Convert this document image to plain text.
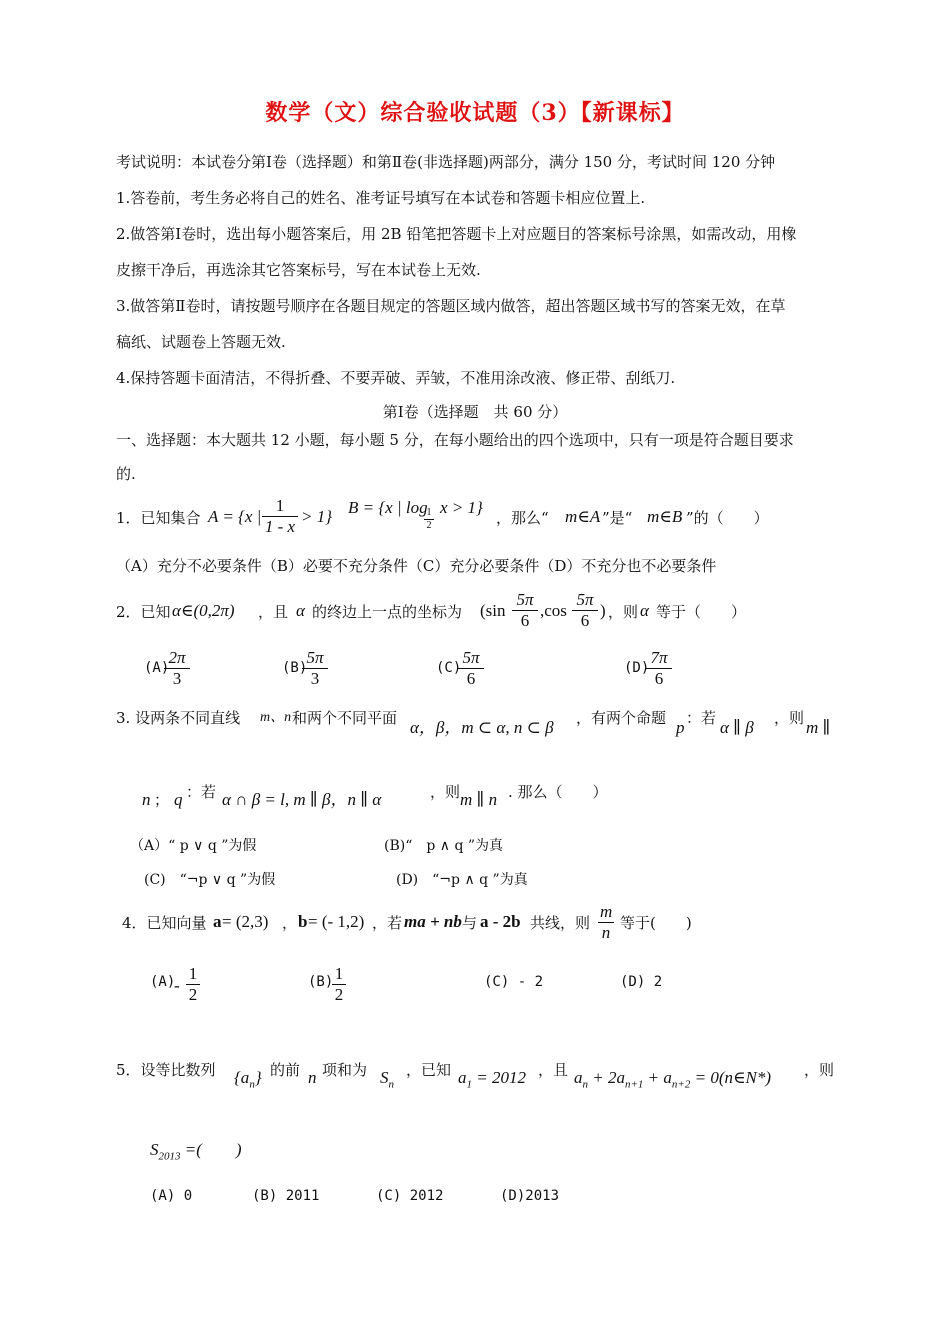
数学（文）综合验收试题（3）【新课标】
考试说明：本试卷分第Ⅰ卷（选择题）和第Ⅱ卷(非选择题)两部分，满分 150 分，考试时间 120 分钟
1.答卷前，考生务必将自己的姓名、准考证号填写在本试卷和答题卡相应位置上.
2.做答第Ⅰ卷时，选出每小题答案后，用 2B 铅笔把答题卡上对应题目的答案标号涂黑，如需改动，用橡
皮擦干净后，再选涂其它答案标号，写在本试卷上无效.
3.做答第Ⅱ卷时，请按题号顺序在各题目规定的答题区域内做答，超出答题区域书写的答案无效，在草
稿纸、试题卷上答题无效.
4.保持答题卡面清洁，不得折叠、不要弄破、弄皱，不准用涂改液、修正带、刮纸刀.
第Ⅰ卷（选择题　共 60 分）
一、选择题：本大题共 12 小题，每小题 5 分，在每小题给出的四个选项中，只有一项是符合题目要求
的.
1．已知集合 A = {x | $\frac{1}{1 - x} > 1$} B = {x | log
$\frac{1}{2}$ x > 1}
，那么“ m∈A ”是“ m∈B ”的（　　）
（A）充分不必要条件（B）必要不充分条件（C）充分必要条件（D）不充分也不必要条件
2．已知 α∈(0,2π) ，且 α 的终边上一点的坐标为 ($\sin \frac{5\pi}{6} ,\cos \frac{5\pi}{6}$ ) ，则 α 等于（　　）
(A)
$\frac{2\pi}{3}$	(B)
$\frac{5\pi}{3}$	(C)
$\frac{5\pi}{6}$	(D)
$\frac{7\pi}{6}$
3. 设两条不同直线 m、n 和两个不同平面 α，β，m ⊂ α, n ⊂ β ，有两个命题 p ：若 α ∥ β ，则 m ∥
n ； q ：若 α ∩ β = l, m ∥ β，n ∥ α	，则 m ∥ n . 那么（　　）
（A）“ p ∨ q ”为假	(B)“　p ∧ q ”为真
(C)　“¬p ∨ q ”为假	(D)　“¬p ∧ q ”为真
4．已知向量 a = (2,3) ， b = (- 1,2) ，若 ma + nb 与 a - 2b 共线，则 $\frac{m}{n}$ 等于(　　)
(A)
- $\frac{1}{2}$	(B)
$\frac{1}{2}$	(C) - 2	(D) 2
5．设等比数列 $\{a_n\}$ 的前 n 项和为 $S_n$
，已知 $a_1 = 2012$ ，且 $a_n + 2a_{n+1} + a_{n+2}$ = 0(n∈N*) ，则
$S_{2013}$ =(　　)
(A) 0	(B) 2011	(C) 2012	(D)2013
